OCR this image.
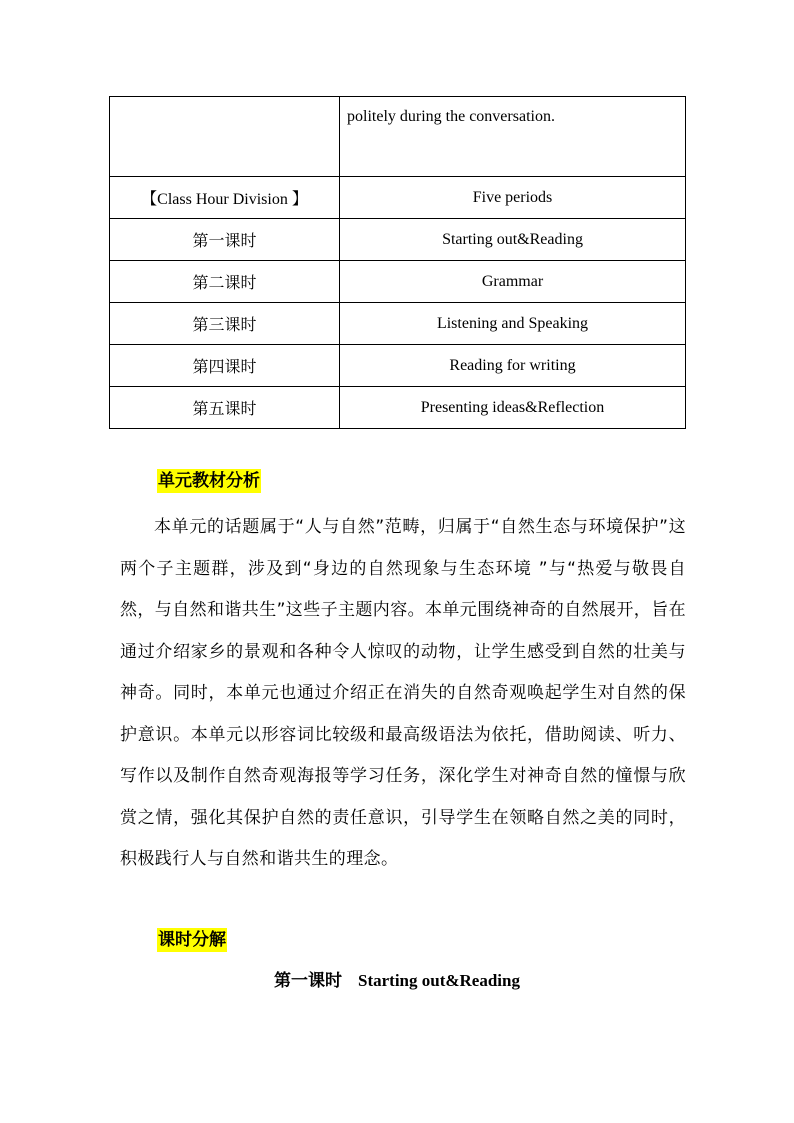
	politely during the conversation.
【Class Hour Division 】	Five periods
第一课时	Starting out&Reading
第二课时	Grammar
第三课时	Listening and Speaking
第四课时	Reading for writing
第五课时	Presenting ideas&Reflection
单元教材分析

本单元的话题属于“人与自然”范畴，归属于“自然生态与环境保护”这两个子主题群，涉及到“身边的自然现象与生态环境 ”与“热爱与敬畏自然，与自然和谐共生”这些子主题内容。本单元围绕神奇的自然展开，旨在通过介绍家乡的景观和各种令人惊叹的动物，让学生感受到自然的壮美与神奇。同时，本单元也通过介绍正在消失的自然奇观唤起学生对自然的保护意识。本单元以形容词比较级和最高级语法为依托，借助阅读、听力、写作以及制作自然奇观海报等学习任务，深化学生对神奇自然的憧憬与欣赏之情，强化其保护自然的责任意识，引导学生在领略自然之美的同时，积极践行人与自然和谐共生的理念。

课时分解
第一课时 Starting out&Reading
